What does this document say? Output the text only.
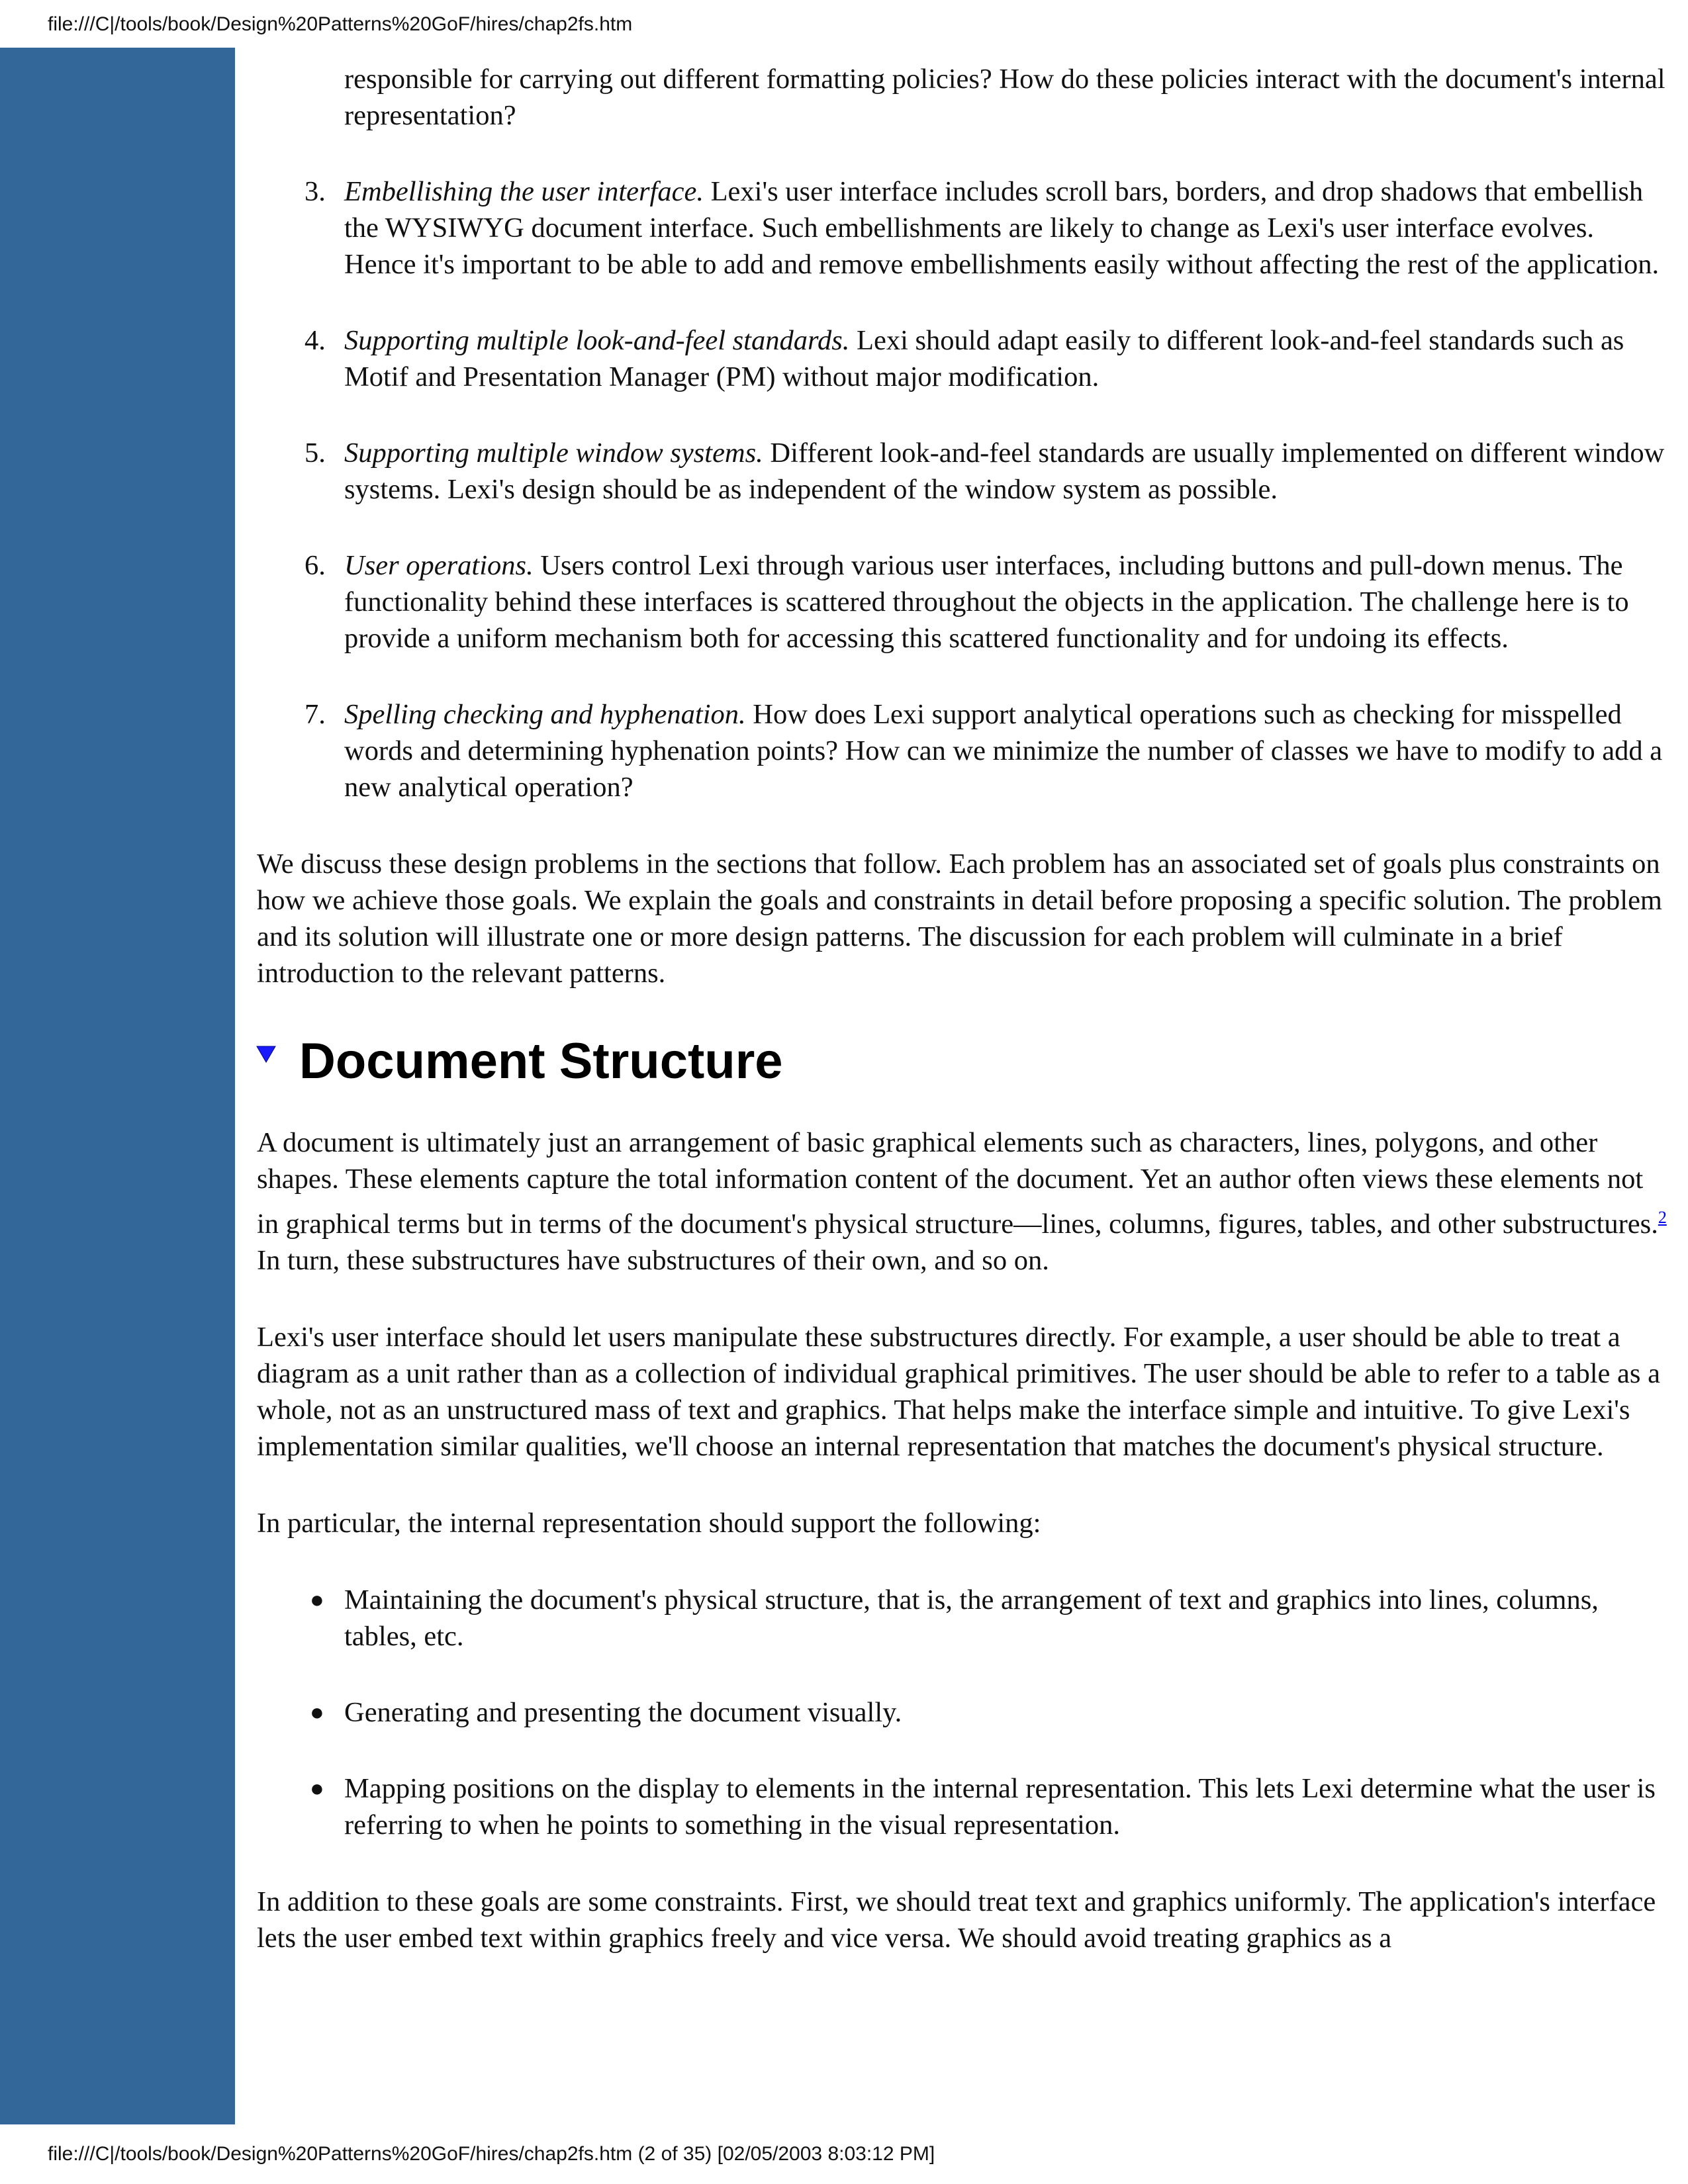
file:///C|/tools/book/Design%20Patterns%20GoF/hires/chap2fs.htm
responsible for carrying out different formatting policies? How do these policies interact with the document's internal representation?
3. Embellishing the user interface. Lexi's user interface includes scroll bars, borders, and drop shadows that embellish the WYSIWYG document interface. Such embellishments are likely to change as Lexi's user interface evolves. Hence it's important to be able to add and remove embellishments easily without affecting the rest of the application.
4. Supporting multiple look-and-feel standards. Lexi should adapt easily to different look-and-feel standards such as Motif and Presentation Manager (PM) without major modification.
5. Supporting multiple window systems. Different look-and-feel standards are usually implemented on different window systems. Lexi's design should be as independent of the window system as possible.
6. User operations. Users control Lexi through various user interfaces, including buttons and pull-down menus. The functionality behind these interfaces is scattered throughout the objects in the application. The challenge here is to provide a uniform mechanism both for accessing this scattered functionality and for undoing its effects.
7. Spelling checking and hyphenation. How does Lexi support analytical operations such as checking for misspelled words and determining hyphenation points? How can we minimize the number of classes we have to modify to add a new analytical operation?

We discuss these design problems in the sections that follow. Each problem has an associated set of goals plus constraints on how we achieve those goals. We explain the goals and constraints in detail before proposing a specific solution. The problem and its solution will illustrate one or more design patterns. The discussion for each problem will culminate in a brief introduction to the relevant patterns.

Document Structure

A document is ultimately just an arrangement of basic graphical elements such as characters, lines, polygons, and other shapes. These elements capture the total information content of the document. Yet an author often views these elements not in graphical terms but in terms of the document's physical structure—lines, columns, figures, tables, and other substructures.$^2$ In turn, these substructures have substructures of their own, and so on.

Lexi's user interface should let users manipulate these substructures directly. For example, a user should be able to treat a diagram as a unit rather than as a collection of individual graphical primitives. The user should be able to refer to a table as a whole, not as an unstructured mass of text and graphics. That helps make the interface simple and intuitive. To give Lexi's implementation similar qualities, we'll choose an internal representation that matches the document's physical structure.

In particular, the internal representation should support the following:

● Maintaining the document's physical structure, that is, the arrangement of text and graphics into lines, columns, tables, etc.
● Generating and presenting the document visually.
● Mapping positions on the display to elements in the internal representation. This lets Lexi determine what the user is referring to when he points to something in the visual representation.

In addition to these goals are some constraints. First, we should treat text and graphics uniformly. The application's interface lets the user embed text within graphics freely and vice versa. We should avoid treating graphics as a

file:///C|/tools/book/Design%20Patterns%20GoF/hires/chap2fs.htm (2 of 35) [02/05/2003 8:03:12 PM]
